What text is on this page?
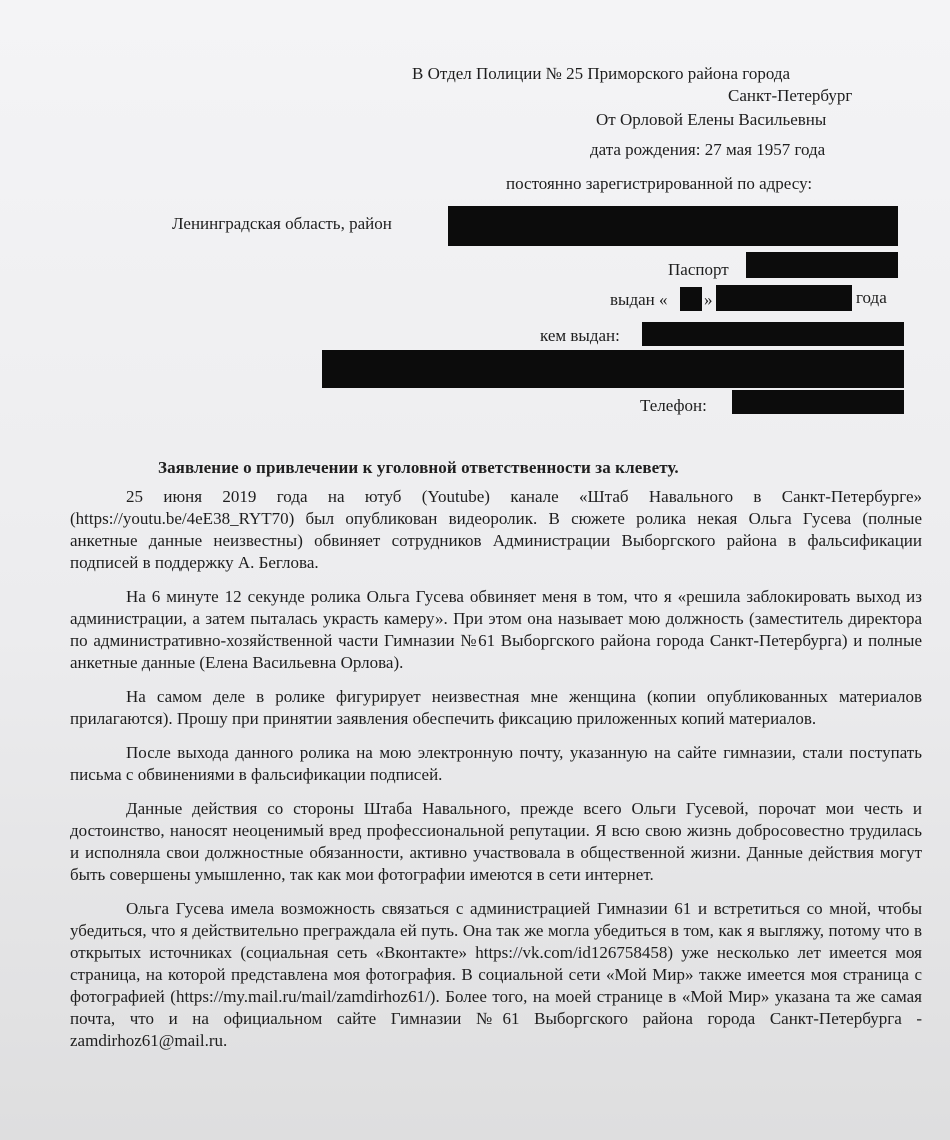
В Отдел Полиции № 25 Приморского района города
Санкт-Петербург
От Орловой Елены Васильевны
дата рождения: 27 мая 1957 года
постоянно зарегистрированной по адресу:
Ленинградская область, район
Паспорт
выдан « »	года
кем выдан:
Телефон:
Заявление о привлечении к уголовной ответственности за клевету.

25 июня 2019 года на ютуб (Youtube) канале «Штаб Навального в Санкт-Петербурге» (https://youtu.be/4eE38_RYT70) был опубликован видеоролик. В сюжете ролика некая Ольга Гусева (полные анкетные данные неизвестны) обвиняет сотрудников Администрации Выборгского района в фальсификации подписей в поддержку А. Беглова.

На 6 минуте 12 секунде ролика Ольга Гусева обвиняет меня в том, что я «решила заблокировать выход из администрации, а затем пыталась украсть камеру». При этом она называет мою должность (заместитель директора по административно-хозяйственной части Гимназии №61 Выборгского района города Санкт-Петербурга) и полные анкетные данные (Елена Васильевна Орлова).

На самом деле в ролике фигурирует неизвестная мне женщина (копии опубликованных материалов прилагаются). Прошу при принятии заявления обеспечить фиксацию приложенных копий материалов.

После выхода данного ролика на мою электронную почту, указанную на сайте гимназии, стали поступать письма с обвинениями в фальсификации подписей.

Данные действия со стороны Штаба Навального, прежде всего Ольги Гусевой, порочат мои честь и достоинство, наносят неоценимый вред профессиональной репутации. Я всю свою жизнь добросовестно трудилась и исполняла свои должностные обязанности, активно участвовала в общественной жизни. Данные действия могут быть совершены умышленно, так как мои фотографии имеются в сети интернет.

Ольга Гусева имела возможность связаться с администрацией Гимназии 61 и встретиться со мной, чтобы убедиться, что я действительно преграждала ей путь. Она так же могла убедиться в том, как я выгляжу, потому что в открытых источниках (социальная сеть «Вконтакте» https://vk.com/id126758458) уже несколько лет имеется моя страница, на которой представлена моя фотография. В социальной сети «Мой Мир» также имеется моя страница с фотографией (https://my.mail.ru/mail/zamdirhoz61/). Более того, на моей странице в «Мой Мир» указана та же самая почта, что и на официальном сайте Гимназии №61 Выборгского района города Санкт-Петербурга - zamdirhoz61@mail.ru.
